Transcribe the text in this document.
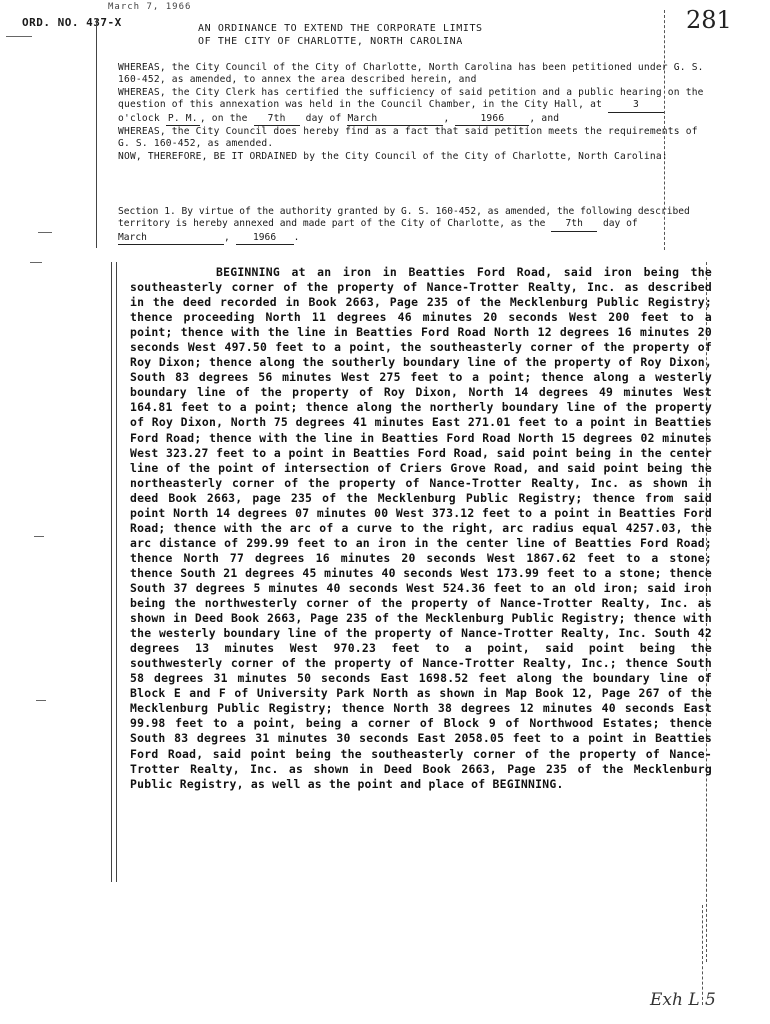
March 7, 1966
ORD. NO. 437-X	AN ORDINANCE TO EXTEND THE CORPORATE LIMITS
OF THE CITY OF CHARLOTTE, NORTH CAROLINA
281

WHEREAS, the City Council of the City of Charlotte, North Carolina has been petitioned under G. S. 160-452, as amended, to annex the area described herein, and

WHEREAS, the City Clerk has certified the sufficiency of said petition and a public hearing on the question of this annexation was held in the Council Chamber, in the City Hall, at	3 o'clock P. M. , on the 7th day of March	,	1966	, and

WHEREAS, the City Council does hereby find as a fact that said petition meets the requirements of G. S. 160-452, as amended.

NOW, THEREFORE, BE IT ORDAINED by the City Council of the City of Charlotte, North Carolina:

Section 1. By virtue of the authority granted by G. S. 160-452, as amended, the following described territory is hereby annexed and made part of the City of Charlotte, as the 7th day of March	, 1966 .

BEGINNING at an iron in Beatties Ford Road, said iron being the southeasterly corner of the property of Nance-Trotter Realty, Inc. as described in the deed recorded in Book 2663, Page 235 of the Mecklenburg Public Registry; thence proceeding North 11 degrees 46 minutes 20 seconds West 200 feet to a point; thence with the line in Beatties Ford Road North 12 degrees 16 minutes 20 seconds West 497.50 feet to a point, the southeasterly corner of the property of Roy Dixon; thence along the southerly boundary line of the property of Roy Dixon, South 83 degrees 56 minutes West 275 feet to a point; thence along a westerly boundary line of the property of Roy Dixon, North 14 degrees 49 minutes West 164.81 feet to a point; thence along the northerly boundary line of the property of Roy Dixon, North 75 degrees 41 minutes East 271.01 feet to a point in Beatties Ford Road; thence with the line in Beatties Ford Road North 15 degrees 02 minutes West 323.27 feet to a point in Beatties Ford Road, said point being in the center line of the point of intersection of Criers Grove Road, and said point being the northeasterly corner of the property of Nance-Trotter Realty, Inc. as shown in deed Book 2663, page 235 of the Mecklenburg Public Registry; thence from said point North 14 degrees 07 minutes 00 West 373.12 feet to a point in Beatties Ford Road; thence with the arc of a curve to the right, arc radius equal 4257.03, the arc distance of 299.99 feet to an iron in the center line of Beatties Ford Road; thence North 77 degrees 16 minutes 20 seconds West 1867.62 feet to a stone; thence South 21 degrees 45 minutes 40 seconds West 173.99 feet to a stone; thence South 37 degrees 5 minutes 40 seconds West 524.36 feet to an old iron; said iron being the northwesterly corner of the property of Nance-Trotter Realty, Inc. as shown in Deed Book 2663, Page 235 of the Mecklenburg Public Registry; thence with the westerly boundary line of the property of Nance-Trotter Realty, Inc. South 42 degrees 13 minutes West 970.23 feet to a point, said point being the southwesterly corner of the property of Nance-Trotter Realty, Inc.; thence South 58 degrees 31 minutes 50 seconds East 1698.52 feet along the boundary line of Block E and F of University Park North as shown in Map Book 12, Page 267 of the Mecklenburg Public Registry; thence North 38 degrees 12 minutes 40 seconds East 99.98 feet to a point, being a corner of Block 9 of Northwood Estates; thence South 83 degrees 31 minutes 30 seconds East 2058.05 feet to a point in Beatties Ford Road, said point being the southeasterly corner of the property of Nance-Trotter Realty, Inc. as shown in Deed Book 2663, Page 235 of the Mecklenburg Public Registry, as well as the point and place of BEGINNING.

Exh L 5
